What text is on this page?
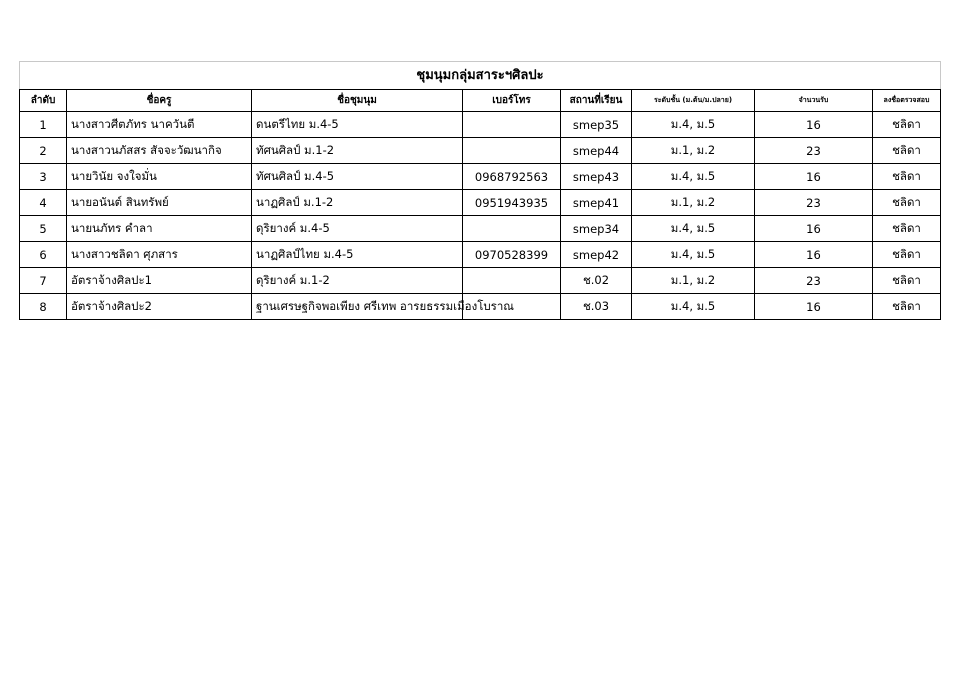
ชุมนุมกลุ่มสาระฯศิลปะ
ลำดับ	ชื่อครู	ชื่อชุมนุม	เบอร์โทร	สถานที่เรียน	ระดับชั้น (ม.ต้น/ม.ปลาย)	จำนวนรับ	ลงชื่อตรวจสอบ
1	นางสาวศีตภัทร นาควันตี	ดนตรีไทย ม.4-5		smep35	ม.4, ม.5	16	ชลิดา
2	นางสาวนภัสสร สัจจะวัฒนากิจ	ทัศนศิลป์ ม.1-2		smep44	ม.1, ม.2	23	ชลิดา
3	นายวินัย จงใจมั่น	ทัศนศิลป์ ม.4-5	0968792563	smep43	ม.4, ม.5	16	ชลิดา
4	นายอนันต์ สินทรัพย์	นาฏศิลป์ ม.1-2	0951943935	smep41	ม.1, ม.2	23	ชลิดา
5	นายนภัทร คำลา	ดุริยางค์ ม.4-5		smep34	ม.4, ม.5	16	ชลิดา
6	นางสาวชลิดา ศุภสาร	นาฏศิลป์ไทย ม.4-5	0970528399	smep42	ม.4, ม.5	16	ชลิดา
7	อัตราจ้างศิลปะ1	ดุริยางค์ ม.1-2		ช.02	ม.1, ม.2	23	ชลิดา
8	อัตราจ้างศิลปะ2	ฐานเศรษฐกิจพอเพียง ศรีเทพ อารยธรรมเมืองโบราณ		ช.03	ม.4, ม.5	16	ชลิดา
